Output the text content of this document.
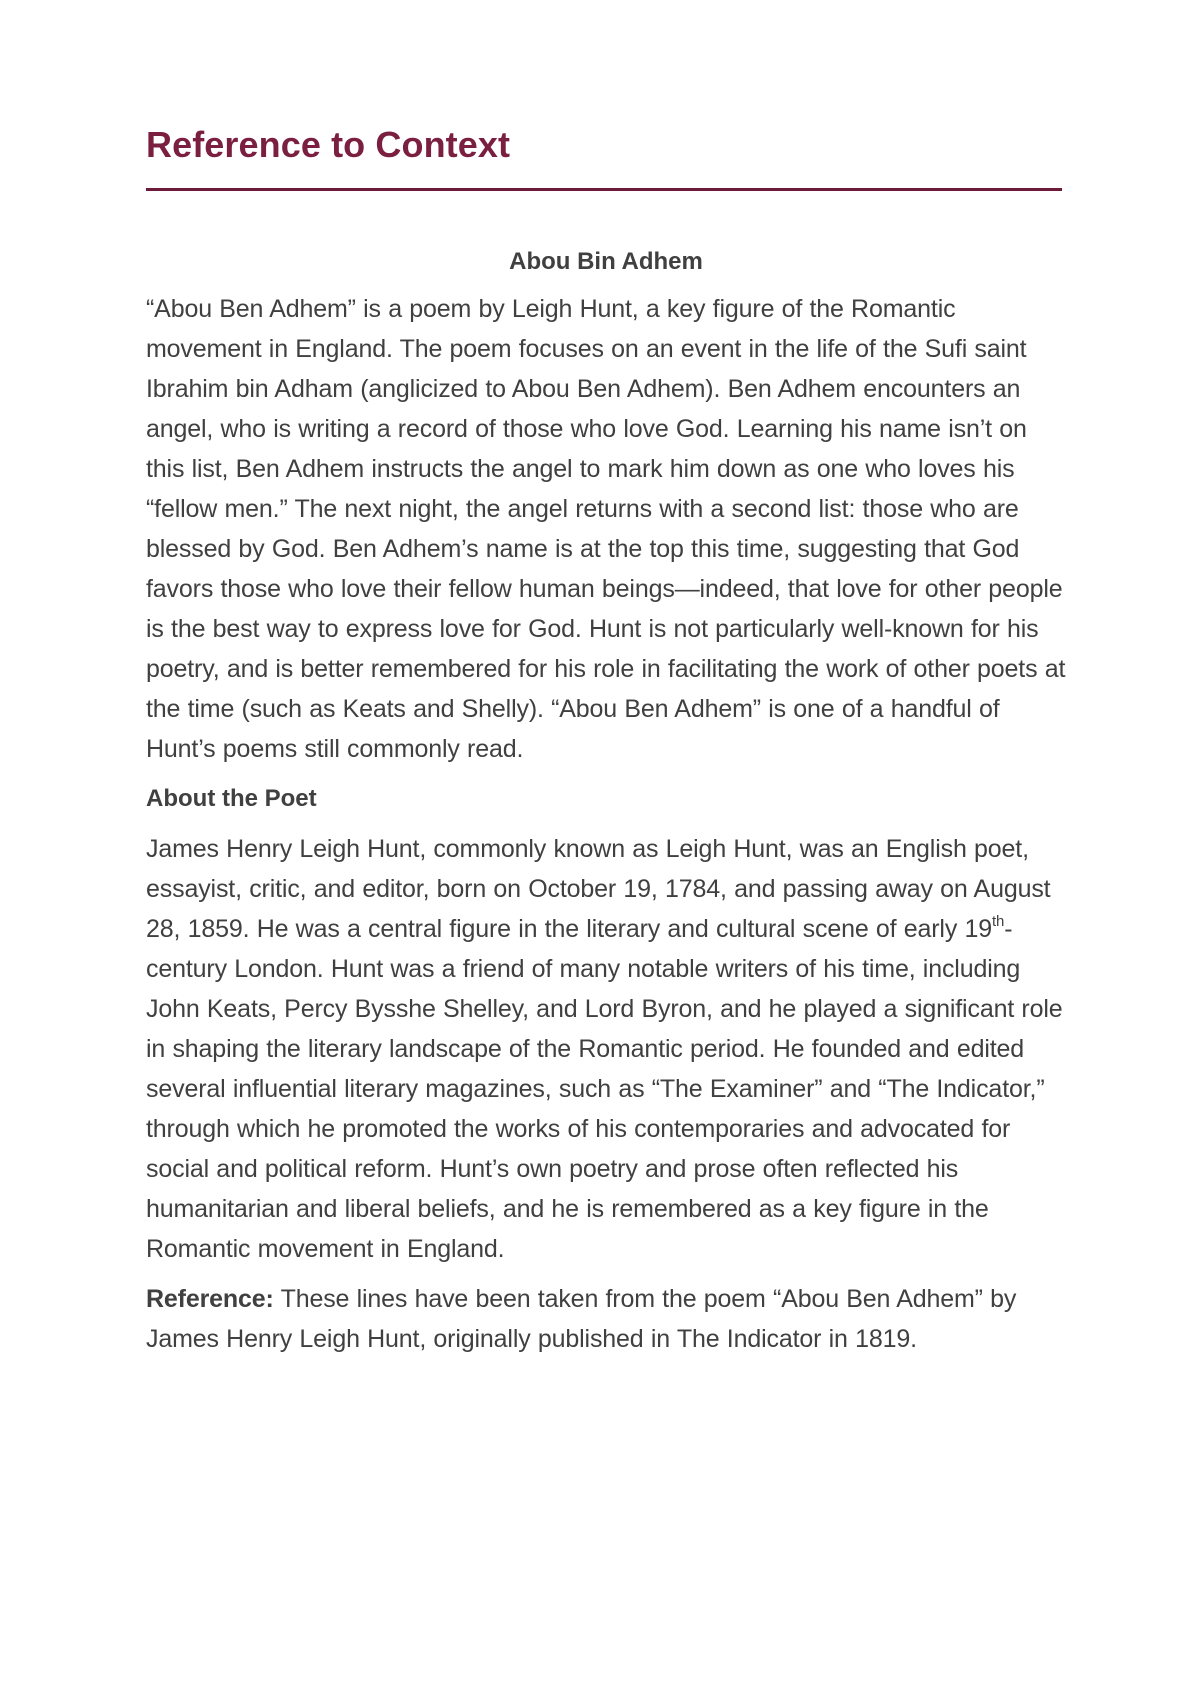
Reference to Context
Abou Bin Adhem

“Abou Ben Adhem” is a poem by Leigh Hunt, a key figure of the Romantic movement in England. The poem focuses on an event in the life of the Sufi saint Ibrahim bin Adham (anglicized to Abou Ben Adhem). Ben Adhem encounters an angel, who is writing a record of those who love God. Learning his name isn’t on this list, Ben Adhem instructs the angel to mark him down as one who loves his “fellow men.” The next night, the angel returns with a second list: those who are blessed by God. Ben Adhem’s name is at the top this time, suggesting that God favors those who love their fellow human beings—indeed, that love for other people is the best way to express love for God. Hunt is not particularly well-known for his poetry, and is better remembered for his role in facilitating the work of other poets at the time (such as Keats and Shelly). “Abou Ben Adhem” is one of a handful of Hunt’s poems still commonly read.

About the Poet

James Henry Leigh Hunt, commonly known as Leigh Hunt, was an English poet, essayist, critic, and editor, born on October 19, 1784, and passing away on August 28, 1859. He was a central figure in the literary and cultural scene of early 19th-century London. Hunt was a friend of many notable writers of his time, including John Keats, Percy Bysshe Shelley, and Lord Byron, and he played a significant role in shaping the literary landscape of the Romantic period. He founded and edited several influential literary magazines, such as “The Examiner” and “The Indicator,” through which he promoted the works of his contemporaries and advocated for social and political reform. Hunt’s own poetry and prose often reflected his humanitarian and liberal beliefs, and he is remembered as a key figure in the Romantic movement in England.

Reference: These lines have been taken from the poem “Abou Ben Adhem” by James Henry Leigh Hunt, originally published in The Indicator in 1819.
